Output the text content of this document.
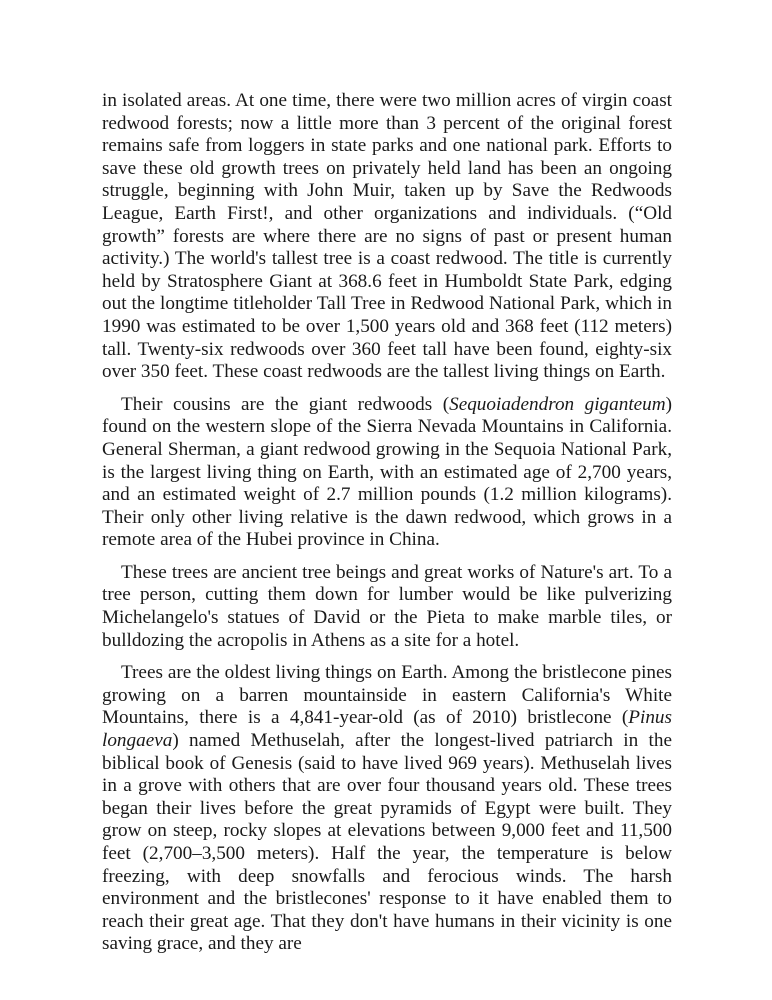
in isolated areas. At one time, there were two million acres of virgin coast redwood forests; now a little more than 3 percent of the original forest remains safe from loggers in state parks and one national park. Efforts to save these old growth trees on privately held land has been an ongoing struggle, beginning with John Muir, taken up by Save the Redwoods League, Earth First!, and other organizations and individuals. (“Old growth” forests are where there are no signs of past or present human activity.) The world's tallest tree is a coast redwood. The title is currently held by Stratosphere Giant at 368.6 feet in Humboldt State Park, edging out the longtime titleholder Tall Tree in Redwood National Park, which in 1990 was estimated to be over 1,500 years old and 368 feet (112 meters) tall. Twenty-six redwoods over 360 feet tall have been found, eighty-six over 350 feet. These coast redwoods are the tallest living things on Earth.

Their cousins are the giant redwoods (Sequoiadendron giganteum) found on the western slope of the Sierra Nevada Mountains in California. General Sherman, a giant redwood growing in the Sequoia National Park, is the largest living thing on Earth, with an estimated age of 2,700 years, and an estimated weight of 2.7 million pounds (1.2 million kilograms). Their only other living relative is the dawn redwood, which grows in a remote area of the Hubei province in China.

These trees are ancient tree beings and great works of Nature's art. To a tree person, cutting them down for lumber would be like pulverizing Michelangelo's statues of David or the Pieta to make marble tiles, or bulldozing the acropolis in Athens as a site for a hotel.

Trees are the oldest living things on Earth. Among the bristlecone pines growing on a barren mountainside in eastern California's White Mountains, there is a 4,841-year-old (as of 2010) bristlecone (Pinus longaeva) named Methuselah, after the longest-lived patriarch in the biblical book of Genesis (said to have lived 969 years). Methuselah lives in a grove with others that are over four thousand years old. These trees began their lives before the great pyramids of Egypt were built. They grow on steep, rocky slopes at elevations between 9,000 feet and 11,500 feet (2,700–3,500 meters). Half the year, the temperature is below freezing, with deep snowfalls and ferocious winds. The harsh environment and the bristlecones' response to it have enabled them to reach their great age. That they don't have humans in their vicinity is one saving grace, and they are
